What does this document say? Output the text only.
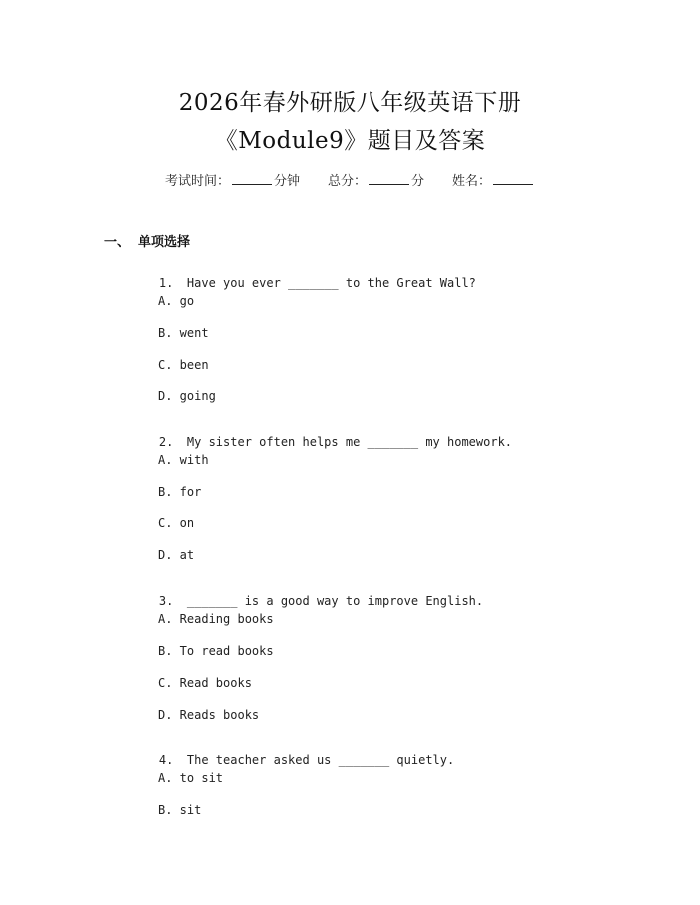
2026年春外研版八年级英语下册
《Module9》题目及答案
考试时间：	分钟 总分：	分 姓名：
一、 单项选择

1. Have you ever _______ to the Great Wall?

A. go
B. went
C. been
D. going

2. My sister often helps me _______ my homework.

A. with
B. for
C. on
D. at

3. _______ is a good way to improve English.

A. Reading books
B. To read books
C. Read books
D. Reads books

4. The teacher asked us _______ quietly.

A. to sit
B. sit
